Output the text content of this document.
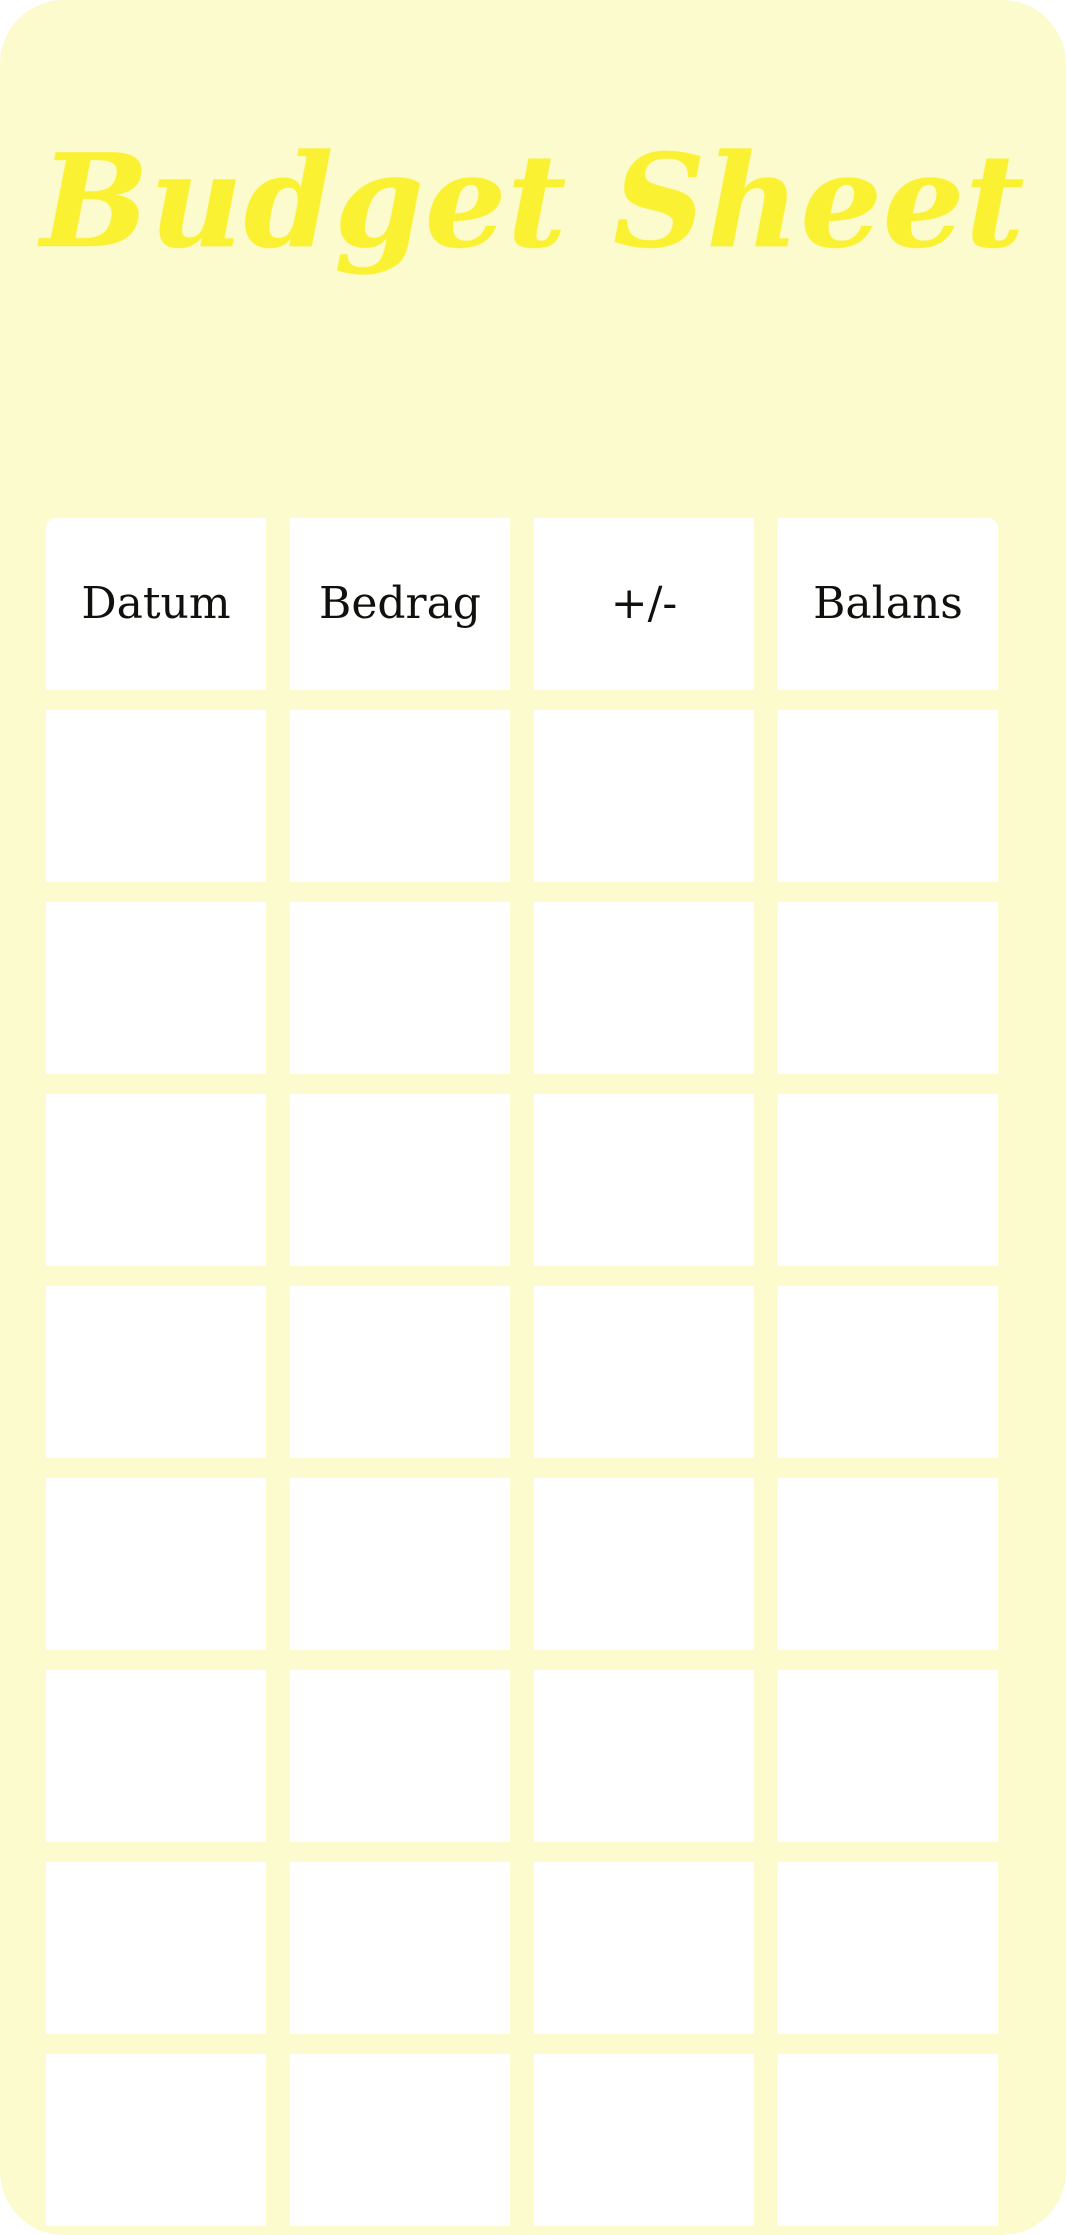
Budget Sheet
Datum Bedrag	+/-	Balans
